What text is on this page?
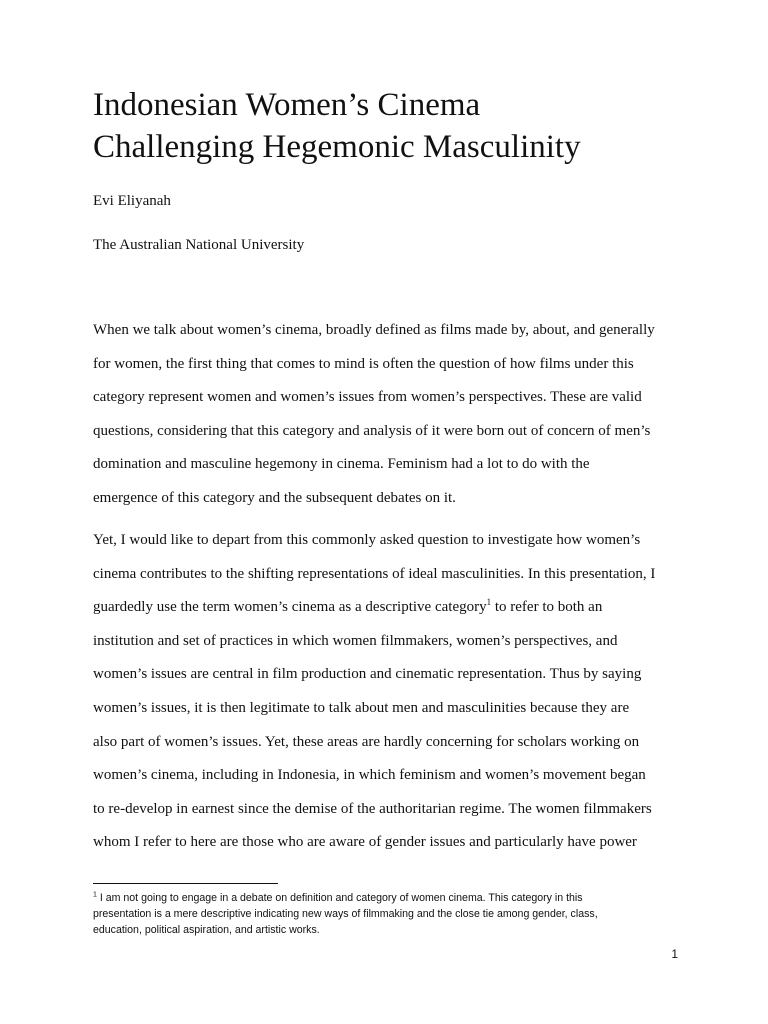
Indonesian Women’s Cinema
Challenging Hegemonic Masculinity

Evi Eliyanah

The Australian National University

When we talk about women’s cinema, broadly defined as films made by, about, and generally
for women, the first thing that comes to mind is often the question of how films under this
category represent women and women’s issues from women’s perspectives. These are valid
questions, considering that this category and analysis of it were born out of concern of men’s
domination and masculine hegemony in cinema. Feminism had a lot to do with the
emergence of this category and the subsequent debates on it.
Yet, I would like to depart from this commonly asked question to investigate how women’s
cinema contributes to the shifting representations of ideal masculinities. In this presentation, I
guardedly use the term women’s cinema as a descriptive category$^1$ to refer to both an
institution and set of practices in which women filmmakers, women’s perspectives, and
women’s issues are central in film production and cinematic representation. Thus by saying
women’s issues, it is then legitimate to talk about men and masculinities because they are
also part of women’s issues. Yet, these areas are hardly concerning for scholars working on
women’s cinema, including in Indonesia, in which feminism and women’s movement began
to re-develop in earnest since the demise of the authoritarian regime. The women filmmakers
whom I refer to here are those who are aware of gender issues and particularly have power
$^1$ I am not going to engage in a debate on definition and category of women cinema. This category in this
presentation is a mere descriptive indicating new ways of filmmaking and the close tie among gender, class,
education, political aspiration, and artistic works.

1
